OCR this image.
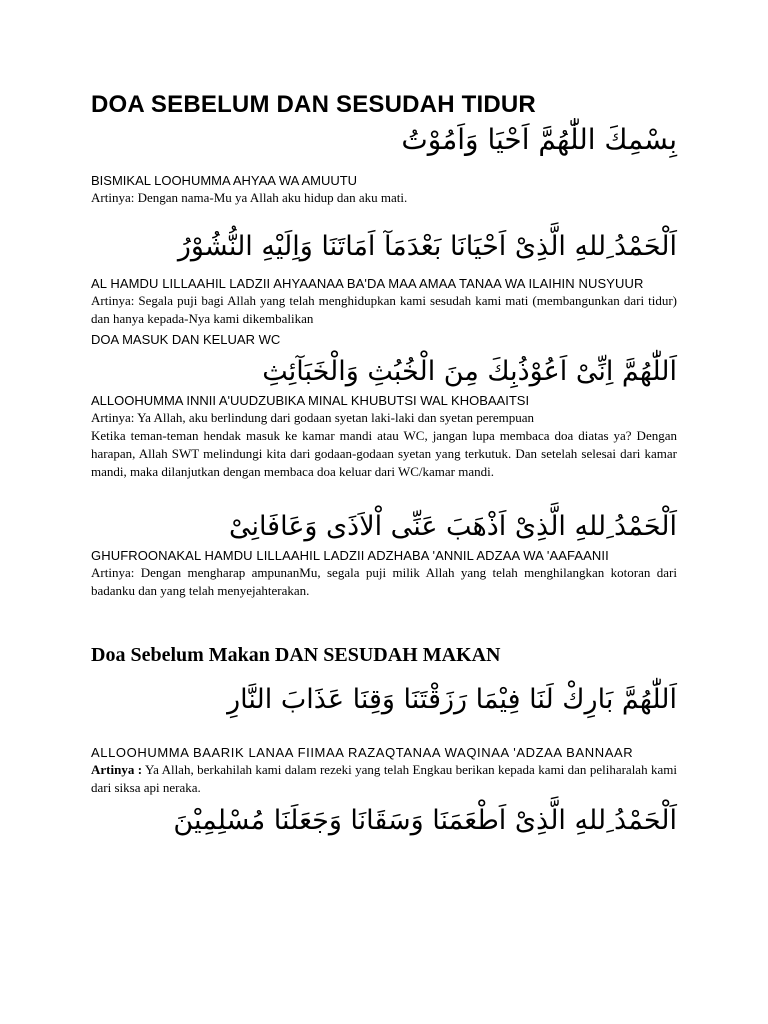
DOA SEBELUM DAN SESUDAH TIDUR

بِسْمِكَ اللّٰهُمَّ اَحْيَا وَاَمُوْتُ

BISMIKAL LOOHUMMA AHYAA WA AMUUTU

Artinya: Dengan nama-Mu ya Allah aku hidup dan aku mati.

اَلْحَمْدُ ِللهِ الَّذِىْ اَحْيَانَا بَعْدَمَآ اَمَاتَنَا وَاِلَيْهِ النُّشُوْرُ

AL HAMDU LILLAAHIL LADZII AHYAANAA BA'DA MAA AMAA TANAA WA ILAIHIN NUSYUUR

Artinya: Segala puji bagi Allah yang telah menghidupkan kami sesudah kami mati (membangunkan dari tidur) dan hanya kepada-Nya kami dikembalikan

DOA MASUK DAN KELUAR WC

اَللّٰهُمَّ اِنِّىْ اَعُوْذُبِكَ مِنَ الْخُبُثِ وَالْخَبَآئِثِ

ALLOOHUMMA INNII A'UUDZUBIKA MINAL KHUBUTSI WAL KHOBAAITSI

Artinya: Ya Allah, aku berlindung dari godaan syetan laki-laki dan syetan perempuan

Ketika teman-teman hendak masuk ke kamar mandi atau WC, jangan lupa membaca doa diatas ya? Dengan harapan, Allah SWT melindungi kita dari godaan-godaan syetan yang terkutuk. Dan setelah selesai dari kamar mandi, maka dilanjutkan dengan membaca doa keluar dari WC/kamar mandi.

اَلْحَمْدُ ِللهِ الَّذِىْ اَذْهَبَ عَنِّى اْلاَذَى وَعَافَانِىْ

GHUFROONAKAL HAMDU LILLAAHIL LADZII ADZHABA 'ANNIL ADZAA WA 'AAFAANII

Artinya: Dengan mengharap ampunanMu, segala puji milik Allah yang telah menghilangkan kotoran dari badanku dan yang telah menyejahterakan.

Doa Sebelum Makan DAN SESUDAH MAKAN

اَللّٰهُمَّ بَارِكْ لَنَا فِيْمَا رَزَقْتَنَا وَقِنَا عَذَابَ النَّارِ

ALLOOHUMMA BAARIK LANAA FIIMAA RAZAQTANAA WAQINAA 'ADZAA BANNAAR

Artinya : Ya Allah, berkahilah kami dalam rezeki yang telah Engkau berikan kepada kami dan peliharalah kami dari siksa api neraka.

اَلْحَمْدُ ِللهِ الَّذِىْ اَطْعَمَنَا وَسَقَانَا وَجَعَلَنَا مُسْلِمِيْنَ
